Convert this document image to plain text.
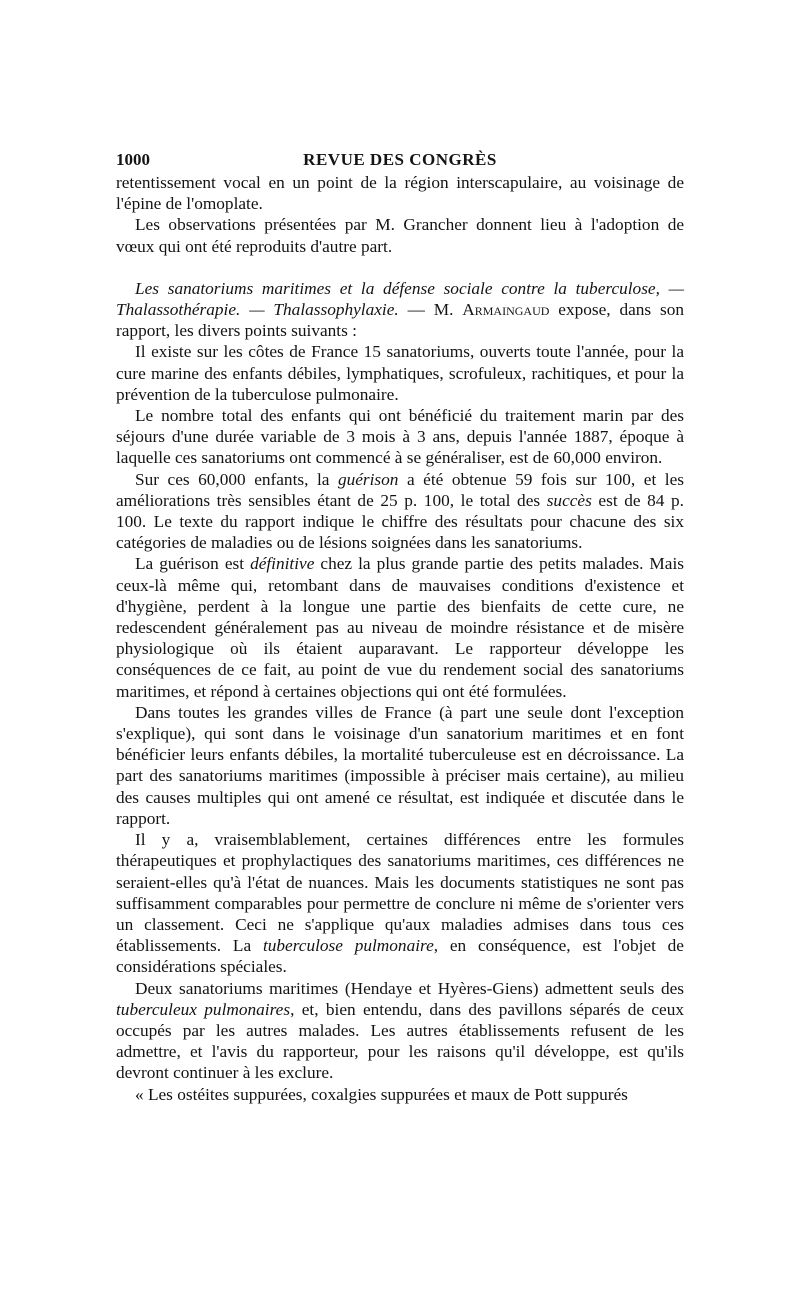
1000	REVUE DES CONGRÈS

retentissement vocal en un point de la région interscapulaire, au voisinage de l'épine de l'omoplate.

Les observations présentées par M. Grancher donnent lieu à l'adoption de vœux qui ont été reproduits d'autre part.

Les sanatoriums maritimes et la défense sociale contre la tuberculose, — Thalassothérapie. — Thalassophylaxie. — M. Armaingaud expose, dans son rapport, les divers points suivants :

Il existe sur les côtes de France 15 sanatoriums, ouverts toute l'année, pour la cure marine des enfants débiles, lymphatiques, scrofuleux, rachitiques, et pour la prévention de la tuberculose pulmonaire.

Le nombre total des enfants qui ont bénéficié du traitement marin par des séjours d'une durée variable de 3 mois à 3 ans, depuis l'année 1887, époque à laquelle ces sanatoriums ont commencé à se généraliser, est de 60,000 environ.

Sur ces 60,000 enfants, la guérison a été obtenue 59 fois sur 100, et les améliorations très sensibles étant de 25 p. 100, le total des succès est de 84 p. 100. Le texte du rapport indique le chiffre des résultats pour chacune des six catégories de maladies ou de lésions soignées dans les sanatoriums.

La guérison est définitive chez la plus grande partie des petits malades. Mais ceux-là même qui, retombant dans de mauvaises conditions d'existence et d'hygiène, perdent à la longue une partie des bienfaits de cette cure, ne redescendent généralement pas au niveau de moindre résistance et de misère physiologique où ils étaient auparavant. Le rapporteur développe les conséquences de ce fait, au point de vue du rendement social des sanatoriums maritimes, et répond à certaines objections qui ont été formulées.

Dans toutes les grandes villes de France (à part une seule dont l'exception s'explique), qui sont dans le voisinage d'un sanatorium maritimes et en font bénéficier leurs enfants débiles, la mortalité tuberculeuse est en décroissance. La part des sanatoriums maritimes (impossible à préciser mais certaine), au milieu des causes multiples qui ont amené ce résultat, est indiquée et discutée dans le rapport.

Il y a, vraisemblablement, certaines différences entre les formules thérapeutiques et prophylactiques des sanatoriums maritimes, ces différences ne seraient-elles qu'à l'état de nuances. Mais les documents statistiques ne sont pas suffisamment comparables pour permettre de conclure ni même de s'orienter vers un classement. Ceci ne s'applique qu'aux maladies admises dans tous ces établissements. La tuberculose pulmonaire, en conséquence, est l'objet de considérations spéciales.

Deux sanatoriums maritimes (Hendaye et Hyères-Giens) admettent seuls des tuberculeux pulmonaires, et, bien entendu, dans des pavillons séparés de ceux occupés par les autres malades. Les autres établissements refusent de les admettre, et l'avis du rapporteur, pour les raisons qu'il développe, est qu'ils devront continuer à les exclure.

« Les ostéites suppurées, coxalgies suppurées et maux de Pott suppurés
